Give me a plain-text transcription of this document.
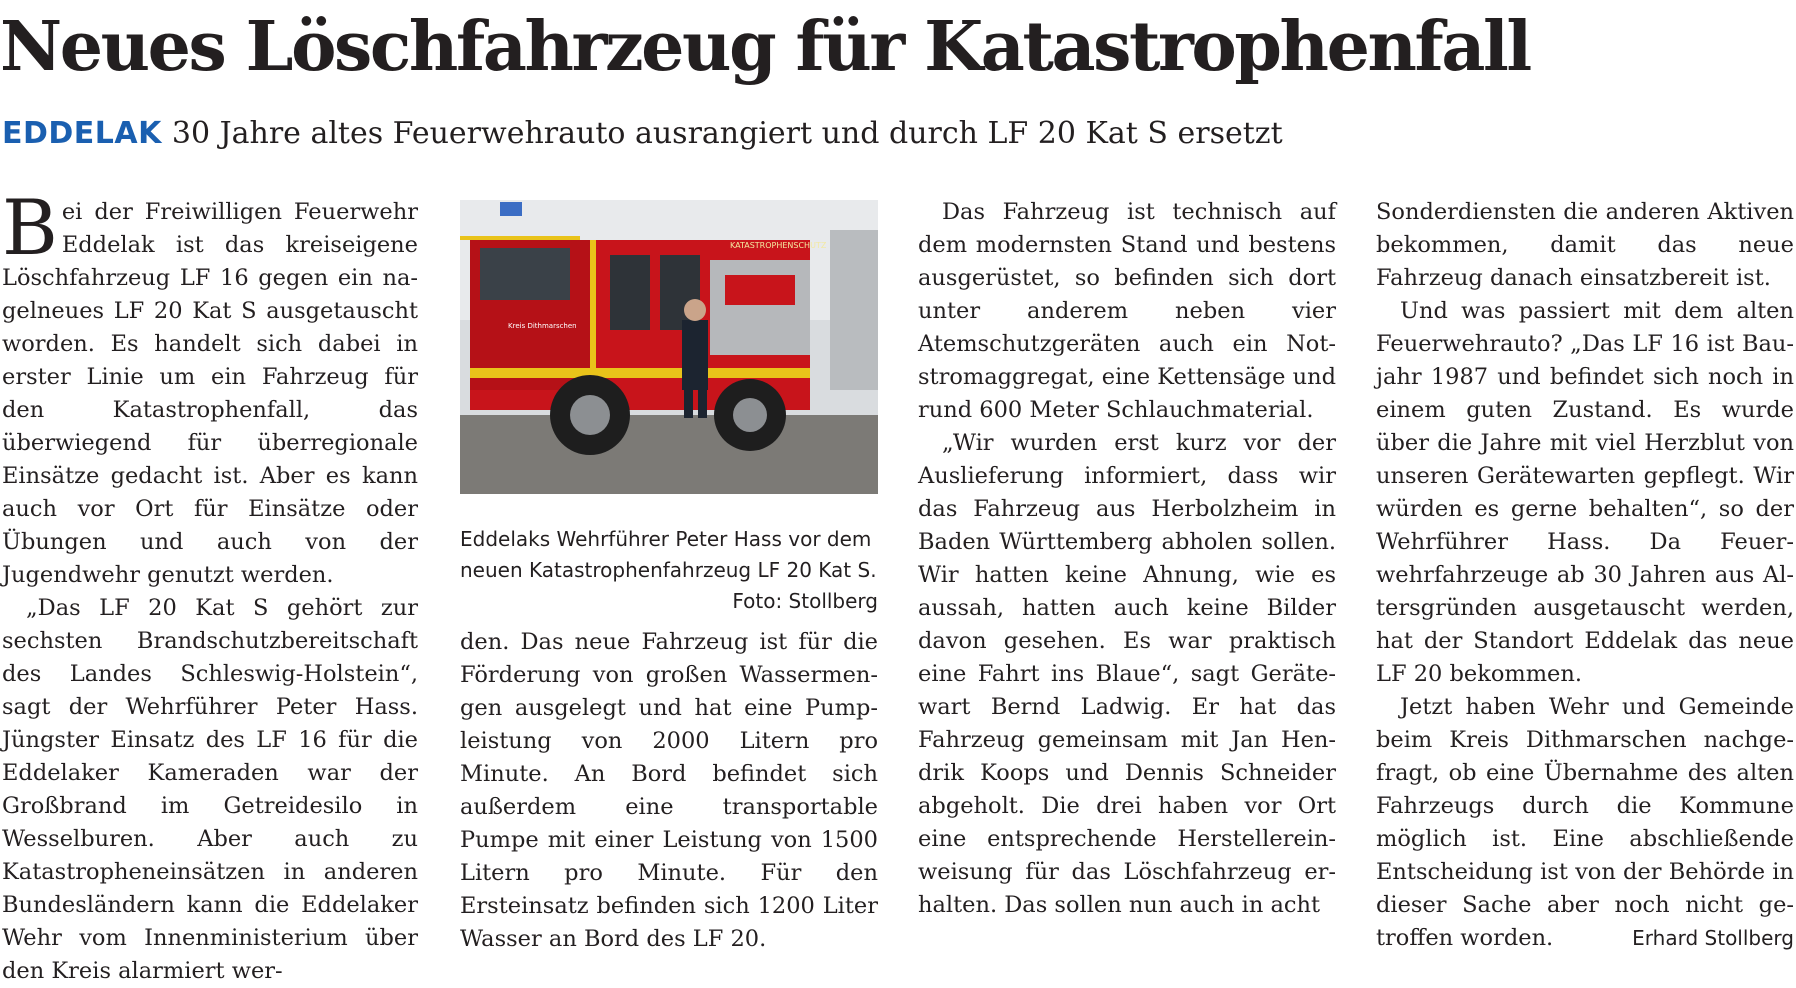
Neues Löschfahrzeug für Katastrophenfall
EDDELAK 30 Jahre altes Feuerwehrauto ausrangiert und durch LF 20 Kat S ersetzt

Bei der Freiwilligen Feuerwehr Eddelak ist das kreiseigene Löschfahrzeug LF 16 gegen ein nagelneues LF 20 Kat S ausgetauscht worden. Es handelt sich dabei in erster Linie um ein Fahrzeug für den Katastrophenfall, das überwiegend für überregionale Einsätze gedacht ist. Aber es kann auch vor Ort für Einsätze oder Übungen und auch von der Jugendwehr genutzt werden.

„Das LF 20 Kat S gehört zur sechsten Brandschutzbereitschaft des Landes Schleswig-Holstein“, sagt der Wehrführer Peter Hass. Jüngster Einsatz des LF 16 für die Eddelaker Kameraden war der Großbrand im Getreidesilo in Wesselburen. Aber auch zu Katastropheneinsätzen in anderen Bundesländern kann die Eddelaker Wehr vom Innenministerium über den Kreis alarmiert wer-

KATASTROPHENSCHUTZ
Kreis Dithmarschen
Eddelaks Wehrführer Peter Hass vor dem neuen Katastrophenfahrzeug LF 20 Kat S.
Foto: Stollberg

den. Das neue Fahrzeug ist für die Förderung von großen Wassermengen ausgelegt und hat eine Pumpleistung von 2000 Litern pro Minute. An Bord befindet sich außerdem eine transportable Pumpe mit einer Leistung von 1500 Litern pro Minute. Für den Ersteinsatz befinden sich 1200 Liter Wasser an Bord des LF 20.

Das Fahrzeug ist technisch auf dem modernsten Stand und bestens ausgerüstet, so befinden sich dort unter anderem neben vier Atemschutzgeräten auch ein Notstromaggregat, eine Kettensäge und rund 600 Meter Schlauchmaterial.

„Wir wurden erst kurz vor der Auslieferung informiert, dass wir das Fahrzeug aus Herbolzheim in Baden Württemberg abholen sollen. Wir hatten keine Ahnung, wie es aussah, hatten auch keine Bilder davon gesehen. Es war praktisch eine Fahrt ins Blaue“, sagt Gerätewart Bernd Ladwig. Er hat das Fahrzeug gemeinsam mit Jan Hendrik Koops und Dennis Schneider abgeholt. Die drei haben vor Ort eine entsprechende Herstellereinweisung für das Löschfahrzeug erhalten. Das sollen nun auch in acht

Sonderdiensten die anderen Aktiven bekommen, damit das neue Fahrzeug danach einsatzbereit ist.

Und was passiert mit dem alten Feuerwehrauto? „Das LF 16 ist Baujahr 1987 und befindet sich noch in einem guten Zustand. Es wurde über die Jahre mit viel Herzblut von unseren Gerätewarten gepflegt. Wir würden es gerne behalten“, so der Wehrführer Hass. Da Feuerwehrfahrzeuge ab 30 Jahren aus Altersgründen ausgetauscht werden, hat der Standort Eddelak das neue LF 20 bekommen.

Jetzt haben Wehr und Gemeinde beim Kreis Dithmarschen nachgefragt, ob eine Übernahme des alten Fahrzeugs durch die Kommune möglich ist. Eine abschließende Entscheidung ist von der Behörde in dieser Sache aber noch nicht getroffen worden.	Erhard Stollberg
